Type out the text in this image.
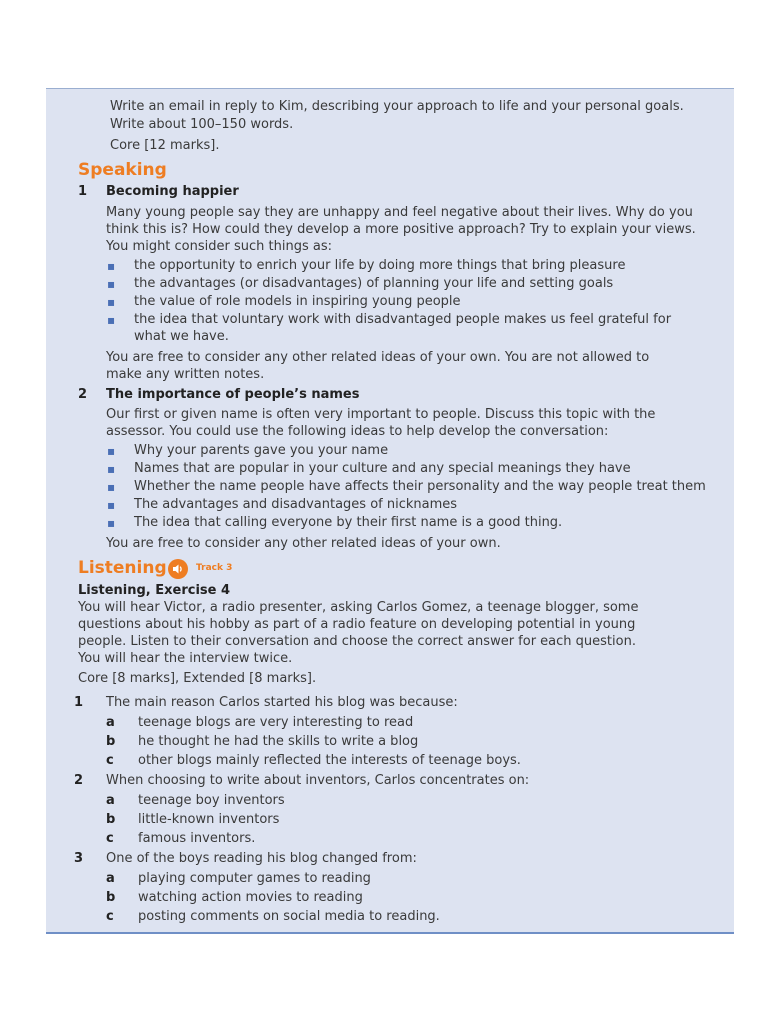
Write an email in reply to Kim, describing your approach to life and your personal goals.
Write about 100–150 words.
Core [12 marks].
Speaking
1 Becoming happier
Many young people say they are unhappy and feel negative about their lives. Why do you
think this is? How could they develop a more positive approach? Try to explain your views.
You might consider such things as:
▪ the opportunity to enrich your life by doing more things that bring pleasure
▪ the advantages (or disadvantages) of planning your life and setting goals
▪ the value of role models in inspiring young people
▪ the idea that voluntary work with disadvantaged people makes us feel grateful for
what we have.
You are free to consider any other related ideas of your own. You are not allowed to
make any written notes.
2 The importance of people’s names
Our first or given name is often very important to people. Discuss this topic with the
assessor. You could use the following ideas to help develop the conversation:
▪ Why your parents gave you your name
▪ Names that are popular in your culture and any special meanings they have
▪ Whether the name people have affects their personality and the way people treat them
▪ The advantages and disadvantages of nicknames
▪ The idea that calling everyone by their first name is a good thing.
You are free to consider any other related ideas of your own.
Listening	Track 3
Listening, Exercise 4
You will hear Victor, a radio presenter, asking Carlos Gomez, a teenage blogger, some
questions about his hobby as part of a radio feature on developing potential in young
people. Listen to their conversation and choose the correct answer for each question.
You will hear the interview twice.
Core [8 marks], Extended [8 marks].
1 The main reason Carlos started his blog was because:
a teenage blogs are very interesting to read
b he thought he had the skills to write a blog
c other blogs mainly reflected the interests of teenage boys.
2 When choosing to write about inventors, Carlos concentrates on:
a teenage boy inventors
b little-known inventors
c famous inventors.
3 One of the boys reading his blog changed from:
a playing computer games to reading
b watching action movies to reading
c posting comments on social media to reading.
